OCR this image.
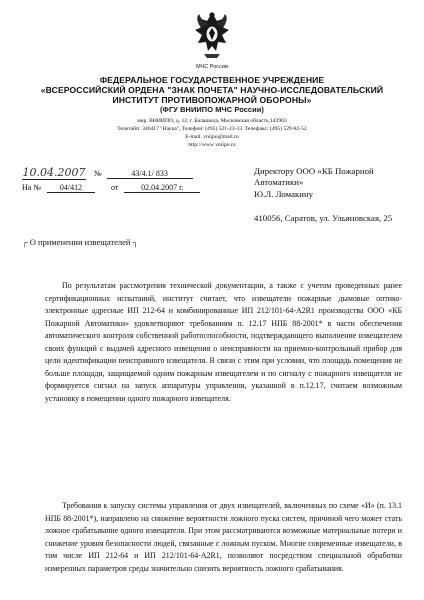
МЧС России
ФЕДЕРАЛЬНОЕ ГОСУДАРСТВЕННОЕ УЧРЕЖДЕНИЕ
«ВСЕРОССИЙСКИЙ ОРДЕНА "ЗНАК ПОЧЕТА" НАУЧНО-ИССЛЕДОВАТЕЛЬСКИЙ
ИНСТИТУТ ПРОТИВОПОЖАРНОЙ ОБОРОНЫ»
(ФГУ ВНИИПО МЧС России)
мкр. ВНИИПО, д. 12, г. Балашиха, Московская область,143903
Телетайп: 346417 "Наука", Телефон: (495) 521-23-33. Телефакс: (495) 529-82-52
E-mail. vniipo@mail.ru
http://www vniipo.ru
10.04.2007 №	43/4.1/ 833
На № 04/412	от	02.04.2007 г.
Директору ООО «КБ Пожарной
Автоматики»
Ю.Л. Ломакину
410056, Саратов, ул. Ульяновская, 25
┌ О применении извещателей ┐

По результатам рассмотрения технической документации, а также с учетом проведенных ранее сертификационных испытаний, институт считает, что извещатели пожарные дымовые оптико-электронные адресные ИП 212-64 и комбинированные ИП 212/101-64-A2R1 производства ООО «КБ Пожарной Автоматики» удовлетворяют требованиям п. 12.17 НПБ 88-2001* в части обеспечения автоматического контроля собственной работоспособности, подтверждающего выполнение извещателем своих функций с выдачей адресного извещения о неисправности на приемно-контрольный прибор для цели идентификации неисправного извещателя. В связи с этим при условии, что площадь помещения не больше площади, защищаемой одним пожарным извещателем и по сигналу с пожарного извещателя не формируется сигнал на запуск аппаратуры управления, указанной в п.12.17, считаем возможным установку в помещении одного пожарного извещателя.

Требования к запуску системы управления от двух извещателей, включенных по схеме «И» (п. 13.1 НПБ 88-2001*), направлено на снижение вероятности ложного пуска систем, причиной чего может стать ложное срабатывание одного извещателя. При этом рассматриваются возможные материальные потери и снижение уровня безопасности людей, связанные с ложным пуском. Многие современные извещатели, в том числе ИП 212-64 и ИП 212/101-64-A2R1, позволяют посредством специальной обработки измеренных параметров среды значительно снизить вероятность ложного срабатывания.
